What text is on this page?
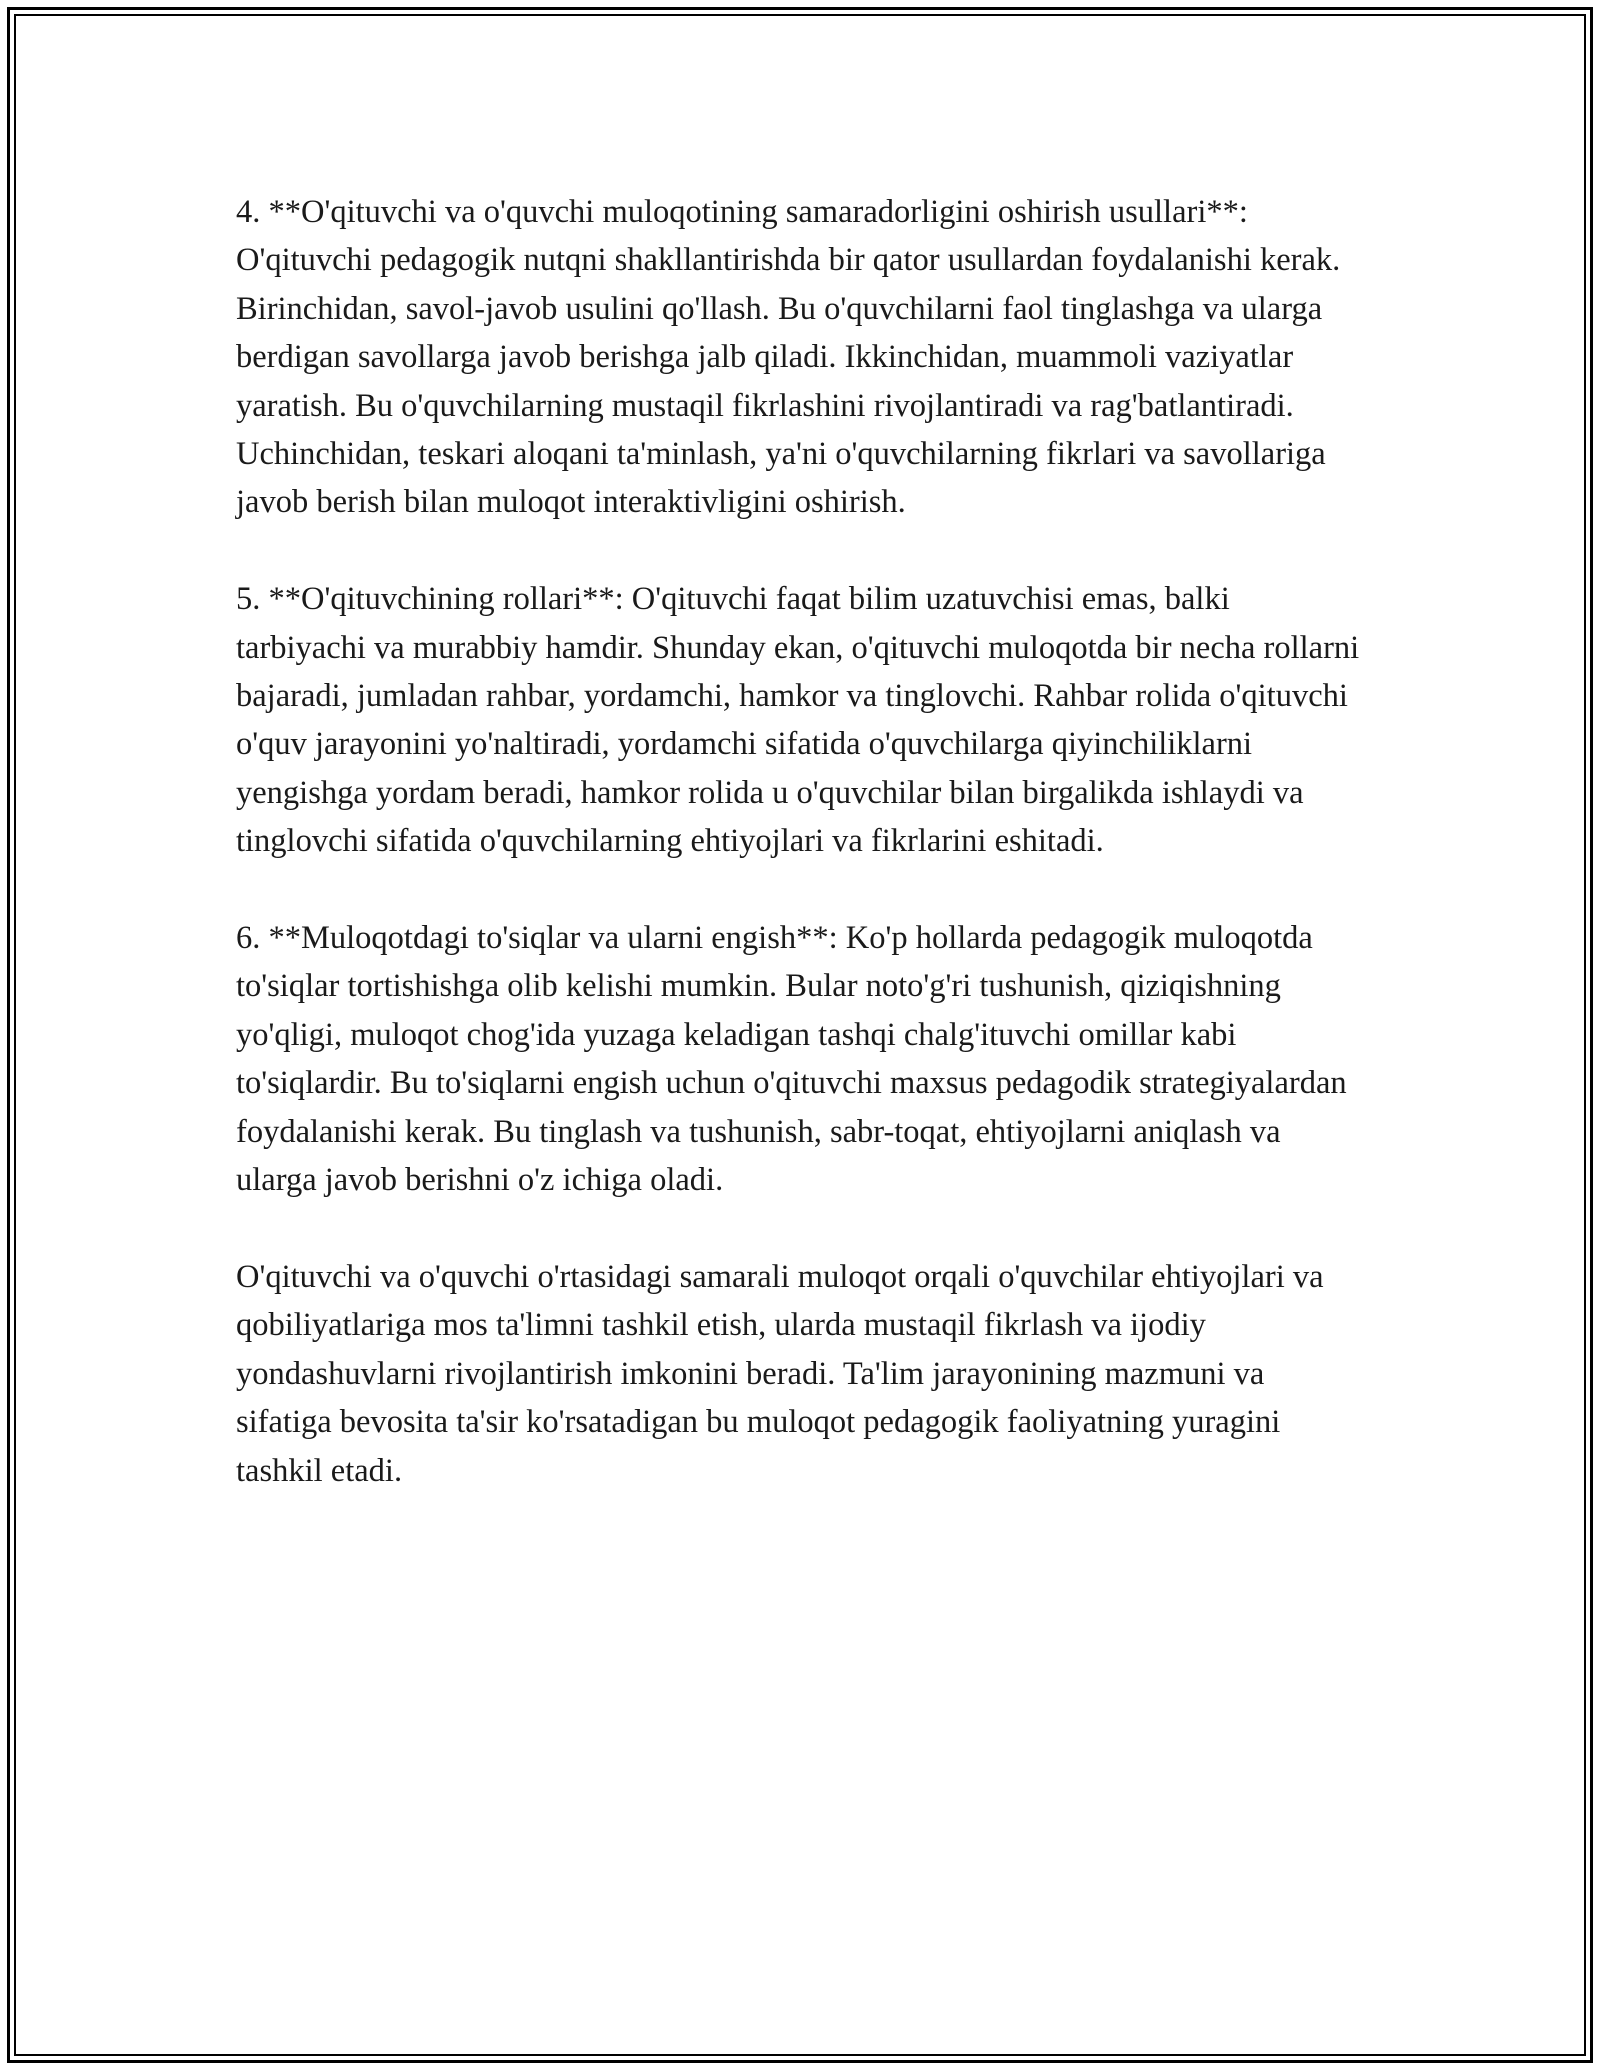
4. **O'qituvchi va o'quvchi muloqotining samaradorligini oshirish usullari**: O'qituvchi pedagogik nutqni shakllantirishda bir qator usullardan foydalanishi kerak. Birinchidan, savol-javob usulini qo'llash. Bu o'quvchilarni faol tinglashga va ularga berdigan savollarga javob berishga jalb qiladi. Ikkinchidan, muammoli vaziyatlar yaratish. Bu o'quvchilarning mustaqil fikrlashini rivojlantiradi va rag'batlantiradi. Uchinchidan, teskari aloqani ta'minlash, ya'ni o'quvchilarning fikrlari va savollariga javob berish bilan muloqot interaktivligini oshirish.

5. **O'qituvchining rollari**: O'qituvchi faqat bilim uzatuvchisi emas, balki tarbiyachi va murabbiy hamdir. Shunday ekan, o'qituvchi muloqotda bir necha rollarni bajaradi, jumladan rahbar, yordamchi, hamkor va tinglovchi. Rahbar rolida o'qituvchi o'quv jarayonini yo'naltiradi, yordamchi sifatida o'quvchilarga qiyinchiliklarni yengishga yordam beradi, hamkor rolida u o'quvchilar bilan birgalikda ishlaydi va tinglovchi sifatida o'quvchilarning ehtiyojlari va fikrlarini eshitadi.

6. **Muloqotdagi to'siqlar va ularni engish**: Ko'p hollarda pedagogik muloqotda to'siqlar tortishishga olib kelishi mumkin. Bular noto'g'ri tushunish, qiziqishning yo'qligi, muloqot chog'ida yuzaga keladigan tashqi chalg'ituvchi omillar kabi to'siqlardir. Bu to'siqlarni engish uchun o'qituvchi maxsus pedagodik strategiyalardan foydalanishi kerak. Bu tinglash va tushunish, sabr-toqat, ehtiyojlarni aniqlash va ularga javob berishni o'z ichiga oladi.

O'qituvchi va o'quvchi o'rtasidagi samarali muloqot orqali o'quvchilar ehtiyojlari va qobiliyatlariga mos ta'limni tashkil etish, ularda mustaqil fikrlash va ijodiy yondashuvlarni rivojlantirish imkonini beradi. Ta'lim jarayonining mazmuni va sifatiga bevosita ta'sir ko'rsatadigan bu muloqot pedagogik faoliyatning yuragini tashkil etadi.
